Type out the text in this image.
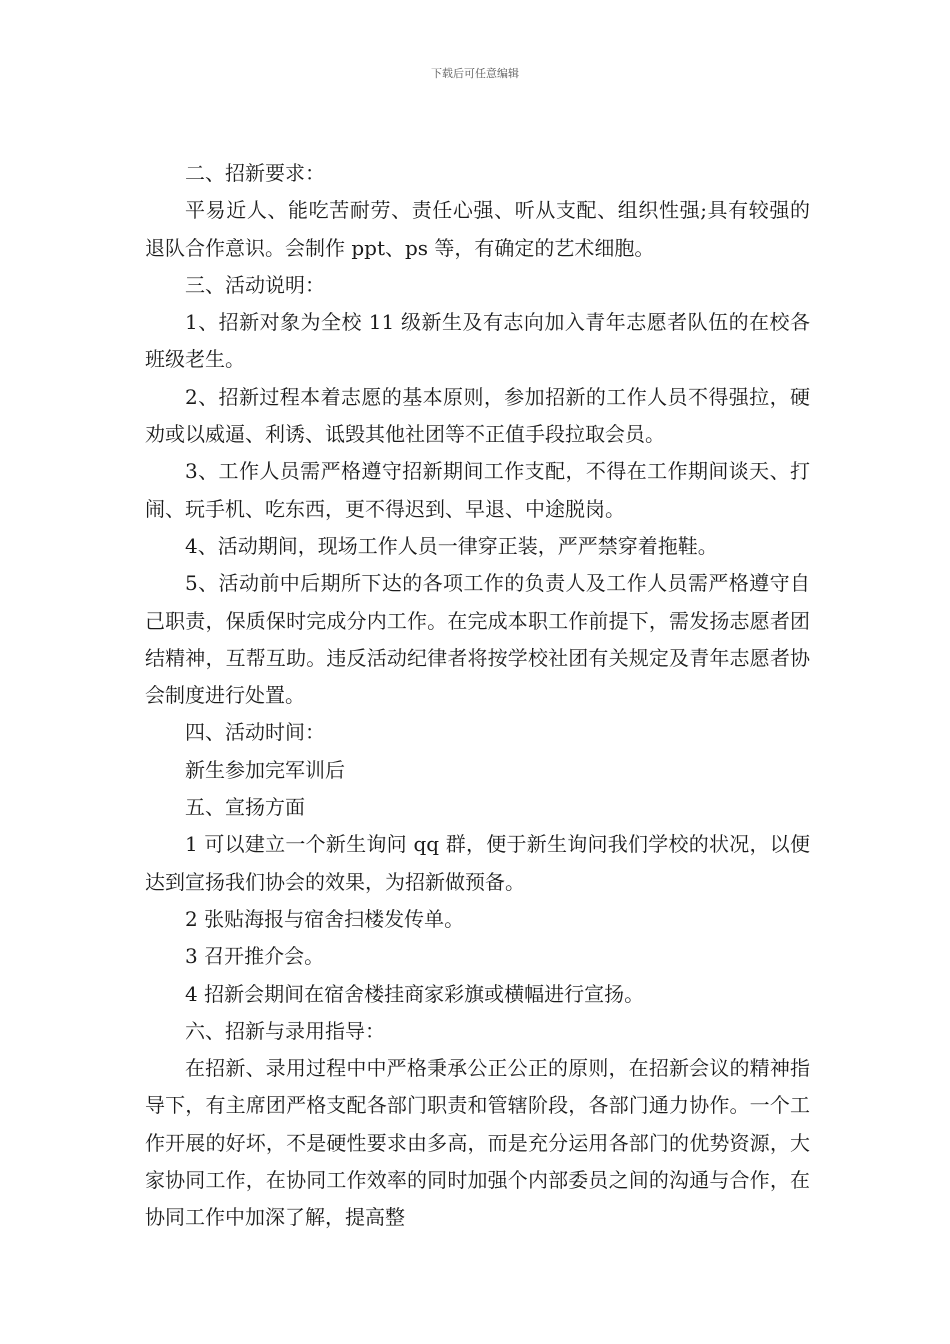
下载后可任意编辑

二、招新要求：

平易近人、能吃苦耐劳、责任心强、听从支配、组织性强;具有较强的退队合作意识。会制作 ppt、ps 等，有确定的艺术细胞。

三、活动说明：

1、招新对象为全校 11 级新生及有志向加入青年志愿者队伍的在校各班级老生。

2、招新过程本着志愿的基本原则，参加招新的工作人员不得强拉，硬劝或以威逼、利诱、诋毁其他社团等不正值手段拉取会员。

3、工作人员需严格遵守招新期间工作支配，不得在工作期间谈天、打闹、玩手机、吃东西，更不得迟到、早退、中途脱岗。

4、活动期间，现场工作人员一律穿正装，严严禁穿着拖鞋。

5、活动前中后期所下达的各项工作的负责人及工作人员需严格遵守自己职责，保质保时完成分内工作。在完成本职工作前提下，需发扬志愿者团结精神，互帮互助。违反活动纪律者将按学校社团有关规定及青年志愿者协会制度进行处置。

四、活动时间：

新生参加完军训后

五、宣扬方面

1 可以建立一个新生询问 qq 群，便于新生询问我们学校的状况，以便达到宣扬我们协会的效果，为招新做预备。

2 张贴海报与宿舍扫楼发传单。

3 召开推介会。

4 招新会期间在宿舍楼挂商家彩旗或横幅进行宣扬。

六、招新与录用指导：

在招新、录用过程中中严格秉承公正公正的原则，在招新会议的精神指导下，有主席团严格支配各部门职责和管辖阶段，各部门通力协作。一个工作开展的好坏，不是硬性要求由多高，而是充分运用各部门的优势资源，大家协同工作，在协同工作效率的同时加强个内部委员之间的沟通与合作，在协同工作中加深了解，提高整
